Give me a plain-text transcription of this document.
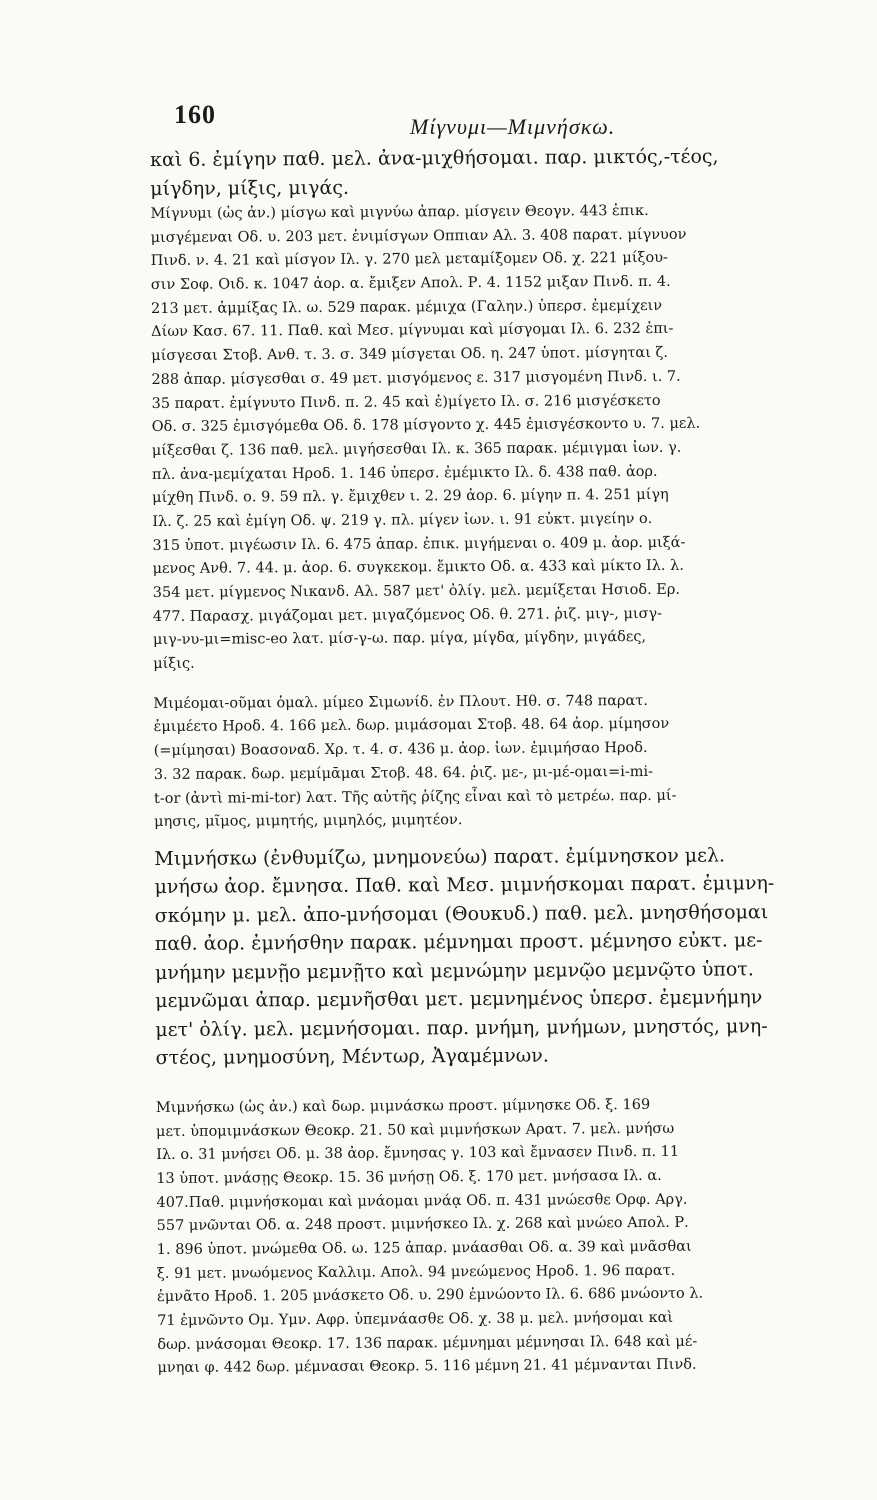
160	Μίγνυμι—Μιμνήσκω.
καὶ 6. ἐμίγην παθ. μελ. ἀνα-μιχθήσομαι. παρ. μικτός,-τέος,
μίγδην, μίξις, μιγάς.
Μίγνυμι (ὡς ἀν.) μίσγω καὶ μιγνύω ἀπαρ. μίσγειν Θεογν. 443 ἐπικ.
μισγέμεναι Οδ. υ. 203 μετ. ἐνιμίσγων Οππιαν Αλ. 3. 408 παρατ. μίγνυον
Πινδ. ν. 4. 21 καὶ μίσγον Ιλ. γ. 270 μελ μεταμίξομεν Οδ. χ. 221 μίξου-
σιν Σοφ. Οιδ. κ. 1047 ἀορ. α. ἔμιξεν Απολ. Ρ. 4. 1152 μιξαν Πινδ. π. 4.
213 μετ. ἀμμίξας Ιλ. ω. 529 παρακ. μέμιχα (Γαλην.) ὑπερσ. ἐμεμίχειν
Δίων Κασ. 67. 11. Παθ. καὶ Μεσ. μίγνυμαι καὶ μίσγομαι Ιλ. 6. 232 ἐπι-
μίσγεσαι Στοβ. Ανθ. τ. 3. σ. 349 μίσγεται Οδ. η. 247 ὑποτ. μίσγηται ζ.
288 ἀπαρ. μίσγεσθαι σ. 49 μετ. μισγόμενος ε. 317 μισγομένη Πινδ. ι. 7.
35 παρατ. ἐμίγνυτο Πινδ. π. 2. 45 καὶ ἐ)μίγετο Ιλ. σ. 216 μισγέσκετο
Οδ. σ. 325 ἐμισγόμεθα Οδ. δ. 178 μίσγοντο χ. 445 ἐμισγέσκοντο υ. 7. μελ.
μίξεσθαι ζ. 136 παθ. μελ. μιγήσεσθαι Ιλ. κ. 365 παρακ. μέμιγμαι ἰων. γ.
πλ. ἀνα-μεμίχαται Ηροδ. 1. 146 ὑπερσ. ἐμέμικτο Ιλ. δ. 438 παθ. ἀορ.
μίχθη Πινδ. ο. 9. 59 πλ. γ. ἔμιχθεν ι. 2. 29 ἀορ. 6. μίγην π. 4. 251 μίγη
Ιλ. ζ. 25 καὶ ἐμίγη Οδ. ψ. 219 γ. πλ. μίγεν ἰων. ι. 91 εὐκτ. μιγείην ο.
315 ὑποτ. μιγέωσιν Ιλ. 6. 475 ἀπαρ. ἐπικ. μιγήμεναι ο. 409 μ. ἀορ. μιξά-
μενος Ανθ. 7. 44. μ. ἀορ. 6. συγκεκομ. ἔμικτο Οδ. α. 433 καὶ μίκτο Ιλ. λ.
354 μετ. μίγμενος Νικανδ. Αλ. 587 μετ' ὀλίγ. μελ. μεμίξεται Ησιοδ. Ερ.
477. Παρασχ. μιγάζομαι μετ. μιγαζόμενος Οδ. θ. 271. ῥιζ. μιγ-, μισγ-
μιγ-νυ-μι=misc-eo λατ. μίσ-γ-ω. παρ. μίγα, μίγδα, μίγδην, μιγάδες,
μίξις.
Μιμέομαι-οῦμαι ὁμαλ. μίμεο Σιμωνίδ. ἐν Πλουτ. Ηθ. σ. 748 παρατ.
ἐμιμέετο Ηροδ. 4. 166 μελ. δωρ. μιμάσομαι Στοβ. 48. 64 ἀορ. μίμησον
(=μίμησαι) Βοασοναδ. Χρ. τ. 4. σ. 436 μ. ἀορ. ἰων. ἐμιμήσαο Ηροδ.
3. 32 παρακ. δωρ. μεμίμᾱμαι Στοβ. 48. 64. ῥιζ. με-, μι-μέ-ομαι=i-mi-
t-or (ἀντὶ mi-mi-tor) λατ. Τῆς αὐτῆς ῥίζης εἶναι καὶ τὸ μετρέω. παρ. μί-
μησις, μῖμος, μιμητής, μιμηλός, μιμητέον.
Μιμνήσκω (ἐνθυμίζω, μνημονεύω) παρατ. ἐμίμνησκον μελ.
μνήσω ἀορ. ἔμνησα. Παθ. καὶ Μεσ. μιμνήσκομαι παρατ. ἐμιμνη-
σκόμην μ. μελ. ἀπο-μνήσομαι (Θουκυδ.) παθ. μελ. μνησθήσομαι
παθ. ἀορ. ἐμνήσθην παρακ. μέμνημαι προστ. μέμνησο εὐκτ. με-
μνήμην μεμνῇο μεμνῇτο καὶ μεμνώμην μεμνῷο μεμνῷτο ὑποτ.
μεμνῶμαι ἀπαρ. μεμνῆσθαι μετ. μεμνημένος ὑπερσ. ἐμεμνήμην
μετ' ὀλίγ. μελ. μεμνήσομαι. παρ. μνήμη, μνήμων, μνηστός, μνη-
στέος, μνημοσύνη, Μέντωρ, Ἀγαμέμνων.
Μιμνήσκω (ὡς ἀν.) καὶ δωρ. μιμνάσκω προστ. μίμνησκε Οδ. ξ. 169
μετ. ὑπομιμνάσκων Θεοκρ. 21. 50 καὶ μιμνήσκων Αρατ. 7. μελ. μνήσω
Ιλ. ο. 31 μνήσει Οδ. μ. 38 ἀορ. ἔμνησας γ. 103 καὶ ἔμνασεν Πινδ. π. 11
13 ὑποτ. μνάσῃς Θεοκρ. 15. 36 μνήσῃ Οδ. ξ. 170 μετ. μνήσασα Ιλ. α.
407.Παθ. μιμνήσκομαι καὶ μνάομαι μνάᾳ Οδ. π. 431 μνώεσθε Ορφ. Αργ.
557 μνῶνται Οδ. α. 248 προστ. μιμνήσκεο Ιλ. χ. 268 καὶ μνώεο Απολ. Ρ.
1. 896 ὑποτ. μνώμεθα Οδ. ω. 125 ἀπαρ. μνάασθαι Οδ. α. 39 καὶ μνᾶσθαι
ξ. 91 μετ. μνωόμενος Καλλιμ. Απολ. 94 μνεώμενος Ηροδ. 1. 96 παρατ.
ἐμνᾶτο Ηροδ. 1. 205 μνάσκετο Οδ. υ. 290 ἐμνώοντο Ιλ. 6. 686 μνώοντο λ.
71 ἐμνῶντο Ομ. Υμν. Αφρ. ὑπεμνάασθε Οδ. χ. 38 μ. μελ. μνήσομαι καὶ
δωρ. μνάσομαι Θεοκρ. 17. 136 παρακ. μέμνημαι μέμνησαι Ιλ. 648 καὶ μέ-
μνηαι φ. 442 δωρ. μέμνασαι Θεοκρ. 5. 116 μέμνη 21. 41 μέμνανται Πινδ.
